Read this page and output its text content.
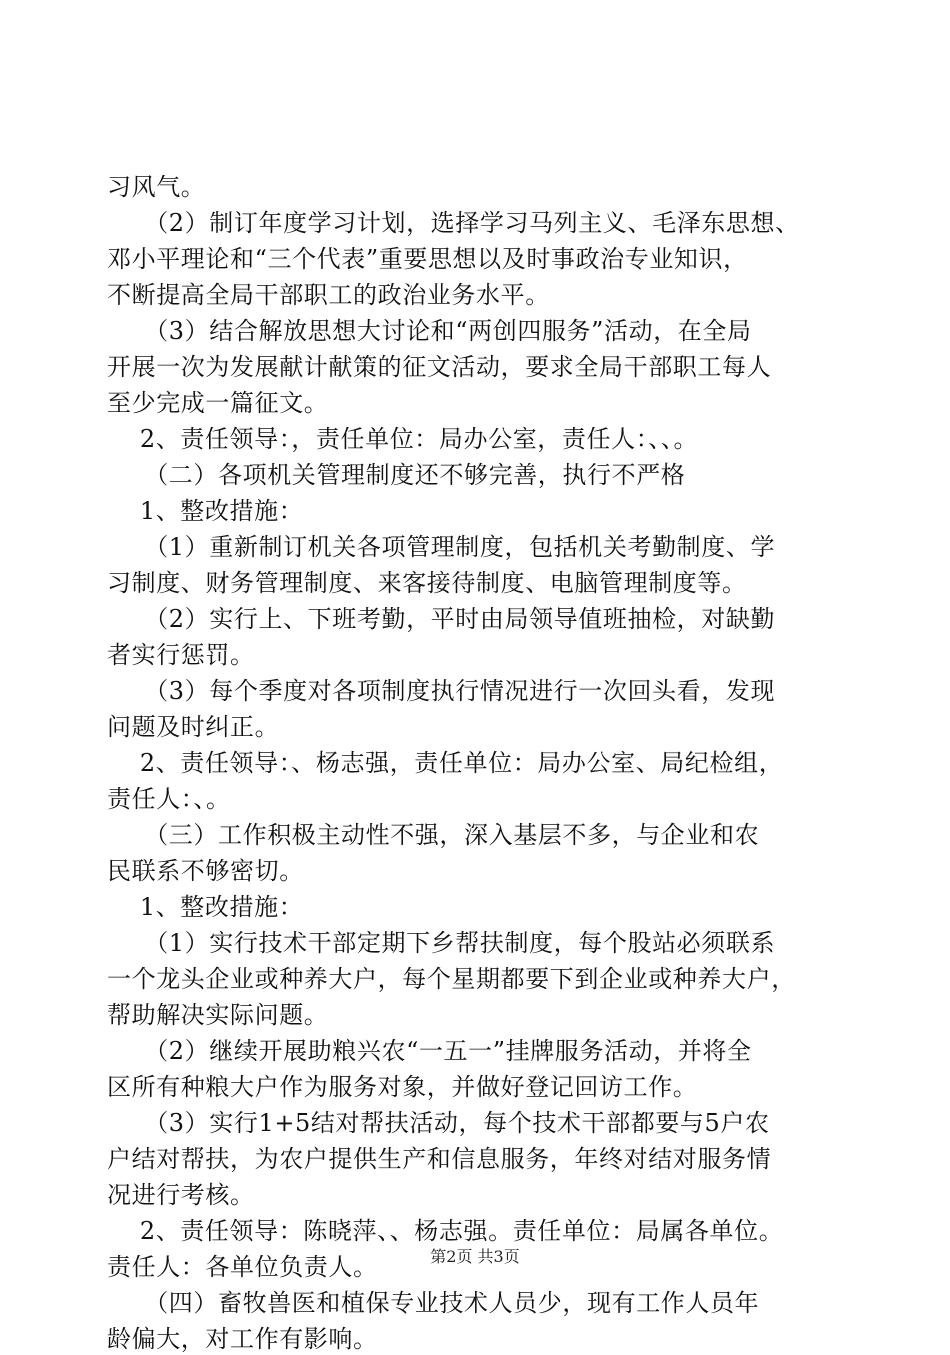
习风气。
　　（2）制订年度学习计划，选择学习马列主义、毛泽东思想、
邓小平理论和“三个代表”重要思想以及时事政治专业知识，
不断提高全局干部职工的政治业务水平。
　　（3）结合解放思想大讨论和“两创四服务”活动，在全局
开展一次为发展献计献策的征文活动，要求全局干部职工每人
至少完成一篇征文。
　 2、责任领导：，责任单位：局办公室，责任人：、、。
　　（二）各项机关管理制度还不够完善，执行不严格
　 1、整改措施：
　　（1）重新制订机关各项管理制度，包括机关考勤制度、学
习制度、财务管理制度、来客接待制度、电脑管理制度等。
　　（2）实行上、下班考勤，平时由局领导值班抽检，对缺勤
者实行惩罚。
　　（3）每个季度对各项制度执行情况进行一次回头看，发现
问题及时纠正。
　 2、责任领导：、杨志强，责任单位：局办公室、局纪检组，
责任人：、。
　　（三）工作积极主动性不强，深入基层不多，与企业和农
民联系不够密切。
　 1、整改措施：
　　（1）实行技术干部定期下乡帮扶制度，每个股站必须联系
一个龙头企业或种养大户，每个星期都要下到企业或种养大户，
帮助解决实际问题。
　　（2）继续开展助粮兴农“一五一”挂牌服务活动，并将全
区所有种粮大户作为服务对象，并做好登记回访工作。
　　（3）实行1+5结对帮扶活动，每个技术干部都要与5户农
户结对帮扶，为农户提供生产和信息服务，年终对结对服务情
况进行考核。
　 2、责任领导：陈晓萍、、杨志强。责任单位：局属各单位。
责任人：各单位负责人。
　　（四）畜牧兽医和植保专业技术人员少，现有工作人员年
龄偏大，对工作有影响。
第2页 共3页
